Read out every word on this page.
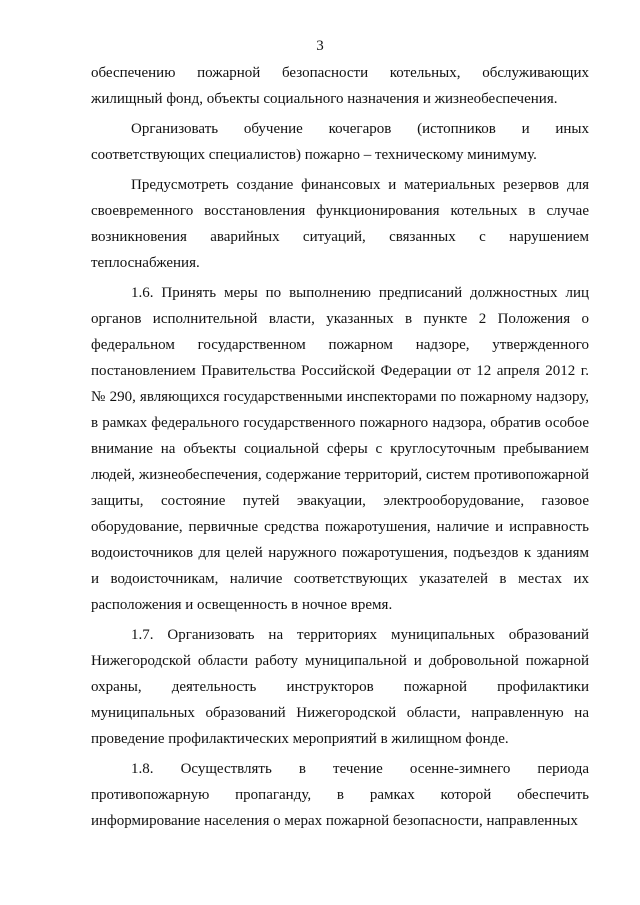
3

обеспечению пожарной безопасности котельных, обслуживающих жилищный фонд, объекты социального назначения и жизнеобеспечения.

Организовать обучение кочегаров (истопников и иных соответствующих специалистов) пожарно – техническому минимуму.

Предусмотреть создание финансовых и материальных резервов для своевременного восстановления функционирования котельных в случае возникновения аварийных ситуаций, связанных с нарушением теплоснабжения.

1.6. Принять меры по выполнению предписаний должностных лиц органов исполнительной власти, указанных в пункте 2 Положения о федеральном государственном пожарном надзоре, утвержденного постановлением Правительства Российской Федерации от 12 апреля 2012 г. № 290, являющихся государственными инспекторами по пожарному надзору, в рамках федерального государственного пожарного надзора, обратив особое внимание на объекты социальной сферы с круглосуточным пребыванием людей, жизнеобеспечения, содержание территорий, систем противопожарной защиты, состояние путей эвакуации, электрооборудование, газовое оборудование, первичные средства пожаротушения, наличие и исправность водоисточников для целей наружного пожаротушения, подъездов к зданиям и водоисточникам, наличие соответствующих указателей в местах их расположения и освещенность в ночное время.

1.7. Организовать на территориях муниципальных образований Нижегородской области работу муниципальной и добровольной пожарной охраны, деятельность инструкторов пожарной профилактики муниципальных образований Нижегородской области, направленную на проведение профилактических мероприятий в жилищном фонде.

1.8. Осуществлять в течение осенне-зимнего периода противопожарную пропаганду, в рамках которой обеспечить информирование населения о мерах пожарной безопасности, направленных
